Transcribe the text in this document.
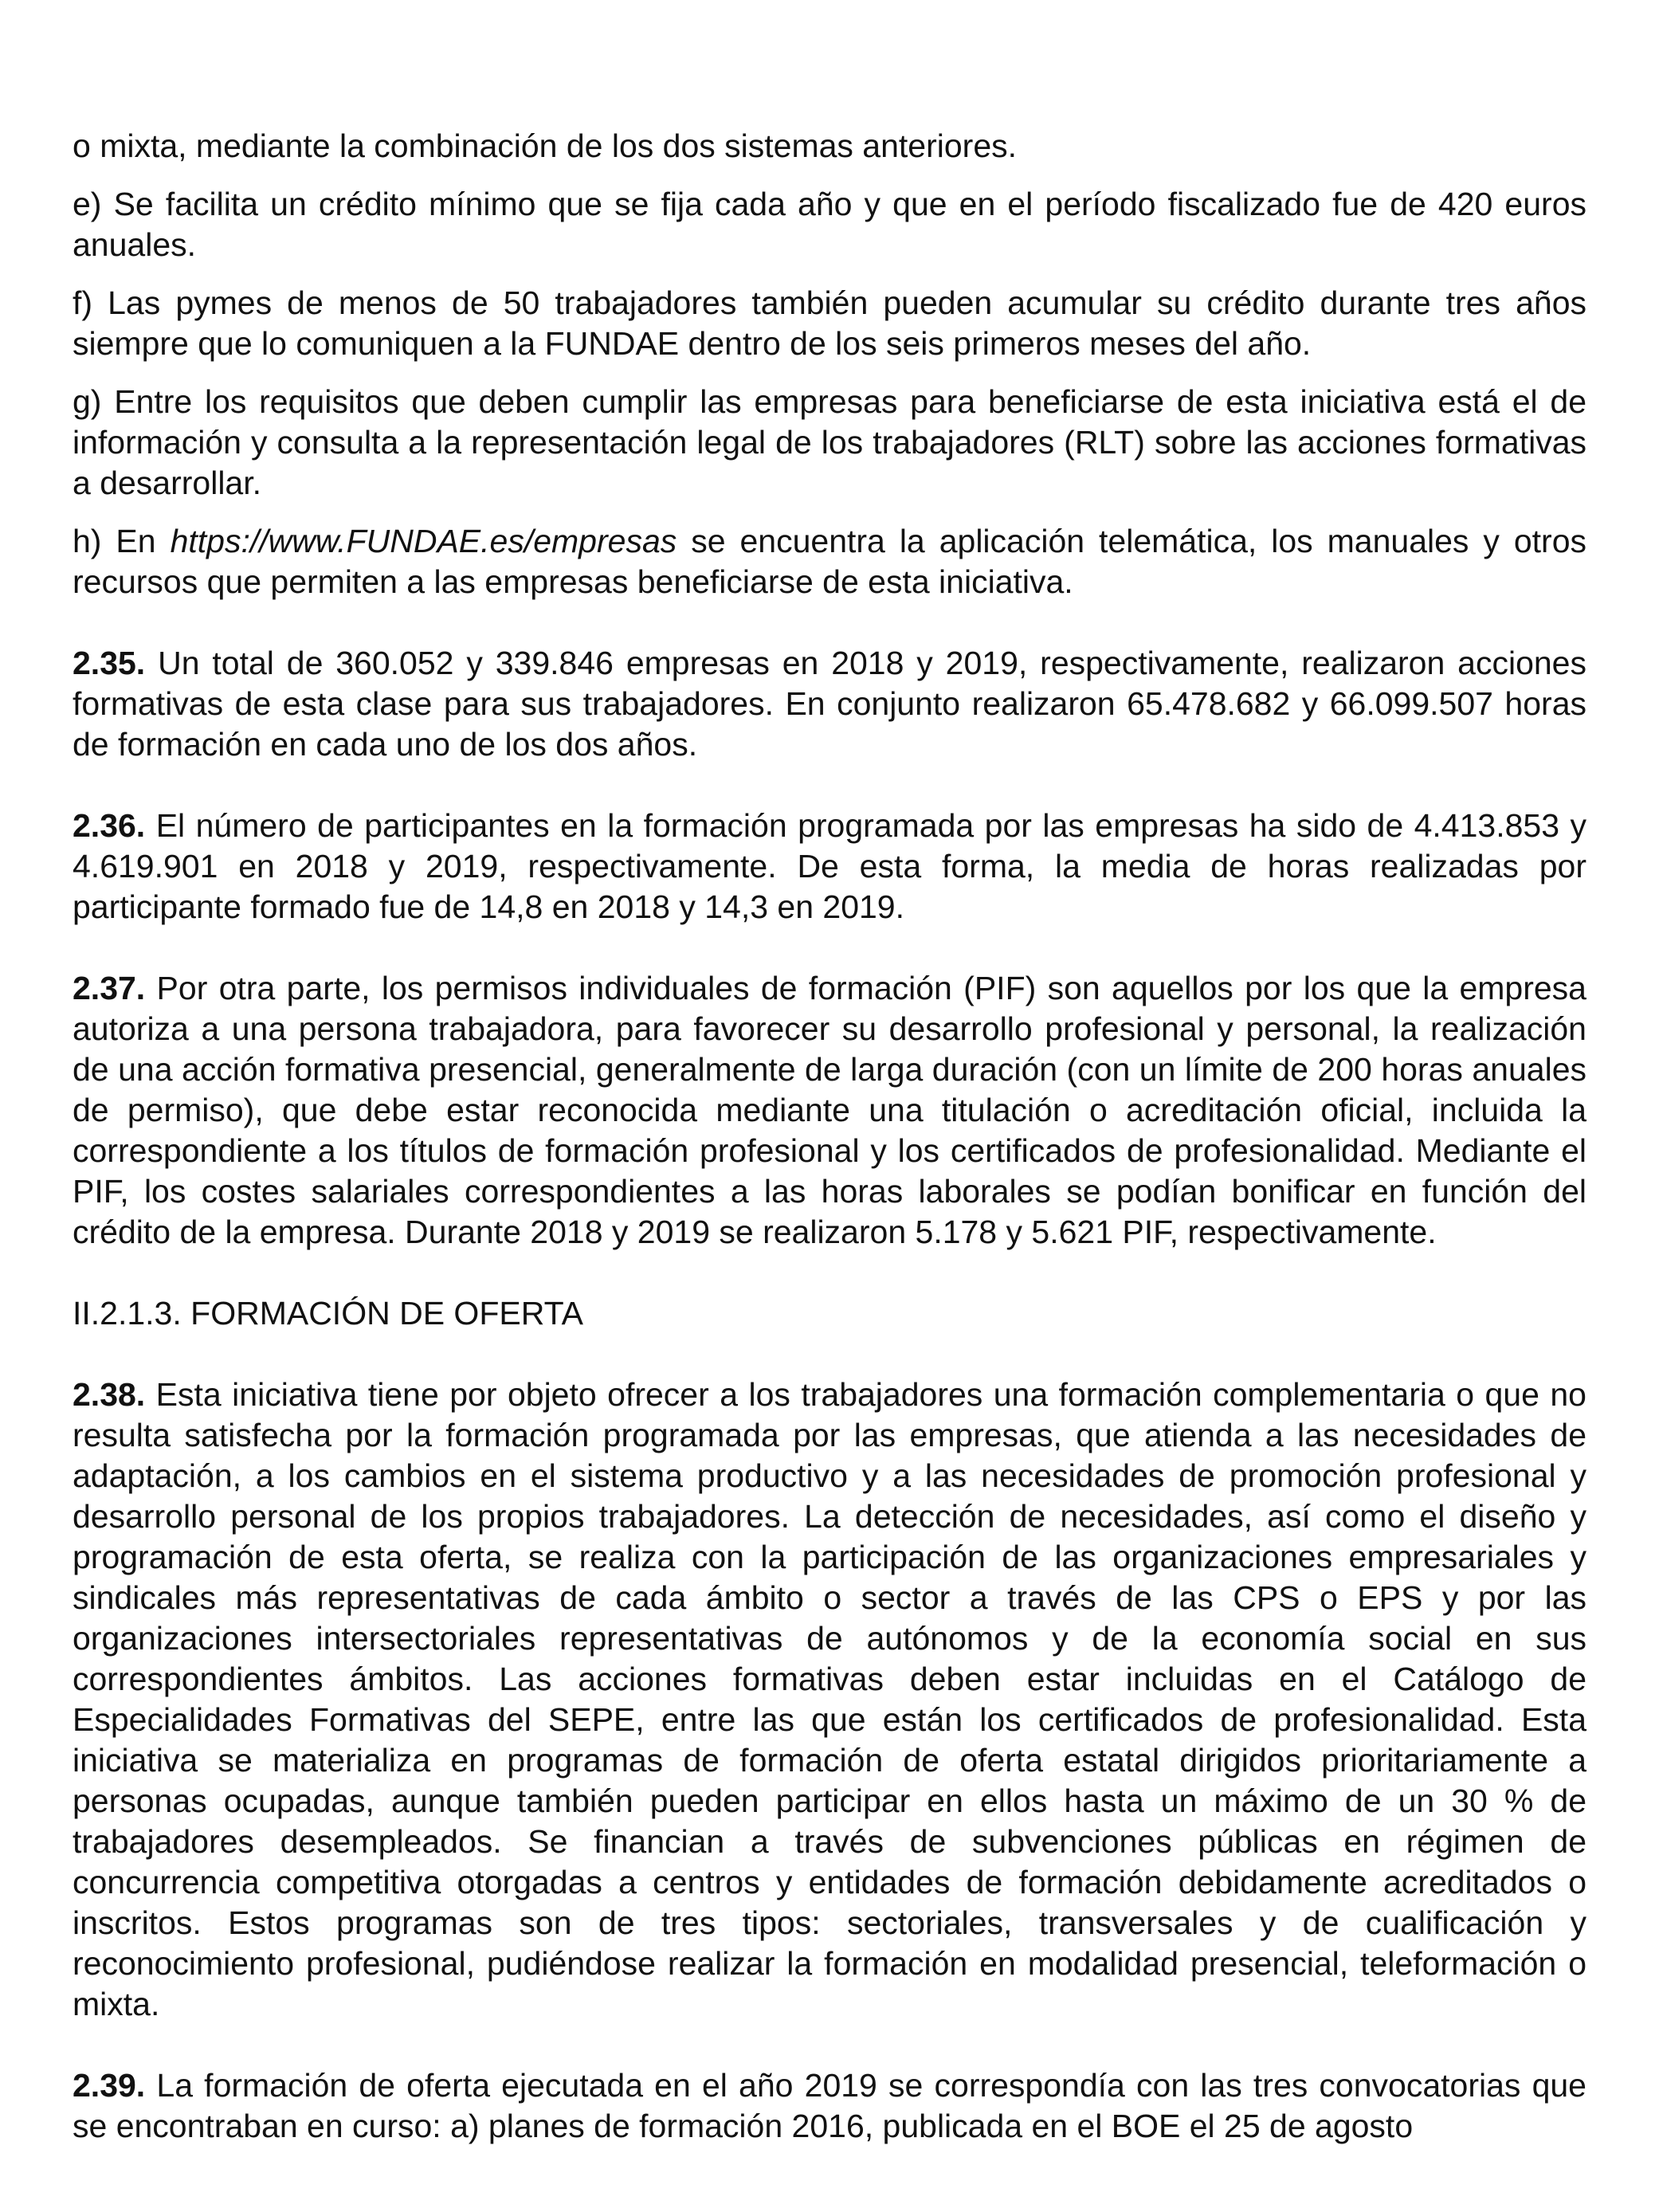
o mixta, mediante la combinación de los dos sistemas anteriores.

e) Se facilita un crédito mínimo que se fija cada año y que en el período fiscalizado fue de 420 euros anuales.

f) Las pymes de menos de 50 trabajadores también pueden acumular su crédito durante tres años siempre que lo comuniquen a la FUNDAE dentro de los seis primeros meses del año.

g) Entre los requisitos que deben cumplir las empresas para beneficiarse de esta iniciativa está el de información y consulta a la representación legal de los trabajadores (RLT) sobre las acciones formativas a desarrollar.

h) En https://www.FUNDAE.es/empresas se encuentra la aplicación telemática, los manuales y otros recursos que permiten a las empresas beneficiarse de esta iniciativa.

2.35. Un total de 360.052 y 339.846 empresas en 2018 y 2019, respectivamente, realizaron acciones formativas de esta clase para sus trabajadores. En conjunto realizaron 65.478.682 y 66.099.507 horas de formación en cada uno de los dos años.

2.36. El número de participantes en la formación programada por las empresas ha sido de 4.413.853 y 4.619.901 en 2018 y 2019, respectivamente. De esta forma, la media de horas realizadas por participante formado fue de 14,8 en 2018 y 14,3 en 2019.

2.37. Por otra parte, los permisos individuales de formación (PIF) son aquellos por los que la empresa autoriza a una persona trabajadora, para favorecer su desarrollo profesional y personal, la realización de una acción formativa presencial, generalmente de larga duración (con un límite de 200 horas anuales de permiso), que debe estar reconocida mediante una titulación o acreditación oficial, incluida la correspondiente a los títulos de formación profesional y los certificados de profesionalidad. Mediante el PIF, los costes salariales correspondientes a las horas laborales se podían bonificar en función del crédito de la empresa. Durante 2018 y 2019 se realizaron 5.178 y 5.621 PIF, respectivamente.

II.2.1.3. FORMACIÓN DE OFERTA

2.38. Esta iniciativa tiene por objeto ofrecer a los trabajadores una formación complementaria o que no resulta satisfecha por la formación programada por las empresas, que atienda a las necesidades de adaptación, a los cambios en el sistema productivo y a las necesidades de promoción profesional y desarrollo personal de los propios trabajadores. La detección de necesidades, así como el diseño y programación de esta oferta, se realiza con la participación de las organizaciones empresariales y sindicales más representativas de cada ámbito o sector a través de las CPS o EPS y por las organizaciones intersectoriales representativas de autónomos y de la economía social en sus correspondientes ámbitos. Las acciones formativas deben estar incluidas en el Catálogo de Especialidades Formativas del SEPE, entre las que están los certificados de profesionalidad. Esta iniciativa se materializa en programas de formación de oferta estatal dirigidos prioritariamente a personas ocupadas, aunque también pueden participar en ellos hasta un máximo de un 30 % de trabajadores desempleados. Se financian a través de subvenciones públicas en régimen de concurrencia competitiva otorgadas a centros y entidades de formación debidamente acreditados o inscritos. Estos programas son de tres tipos: sectoriales, transversales y de cualificación y reconocimiento profesional, pudiéndose realizar la formación en modalidad presencial, teleformación o mixta.

2.39. La formación de oferta ejecutada en el año 2019 se correspondía con las tres convocatorias que se encontraban en curso: a) planes de formación 2016, publicada en el BOE el 25 de agosto
